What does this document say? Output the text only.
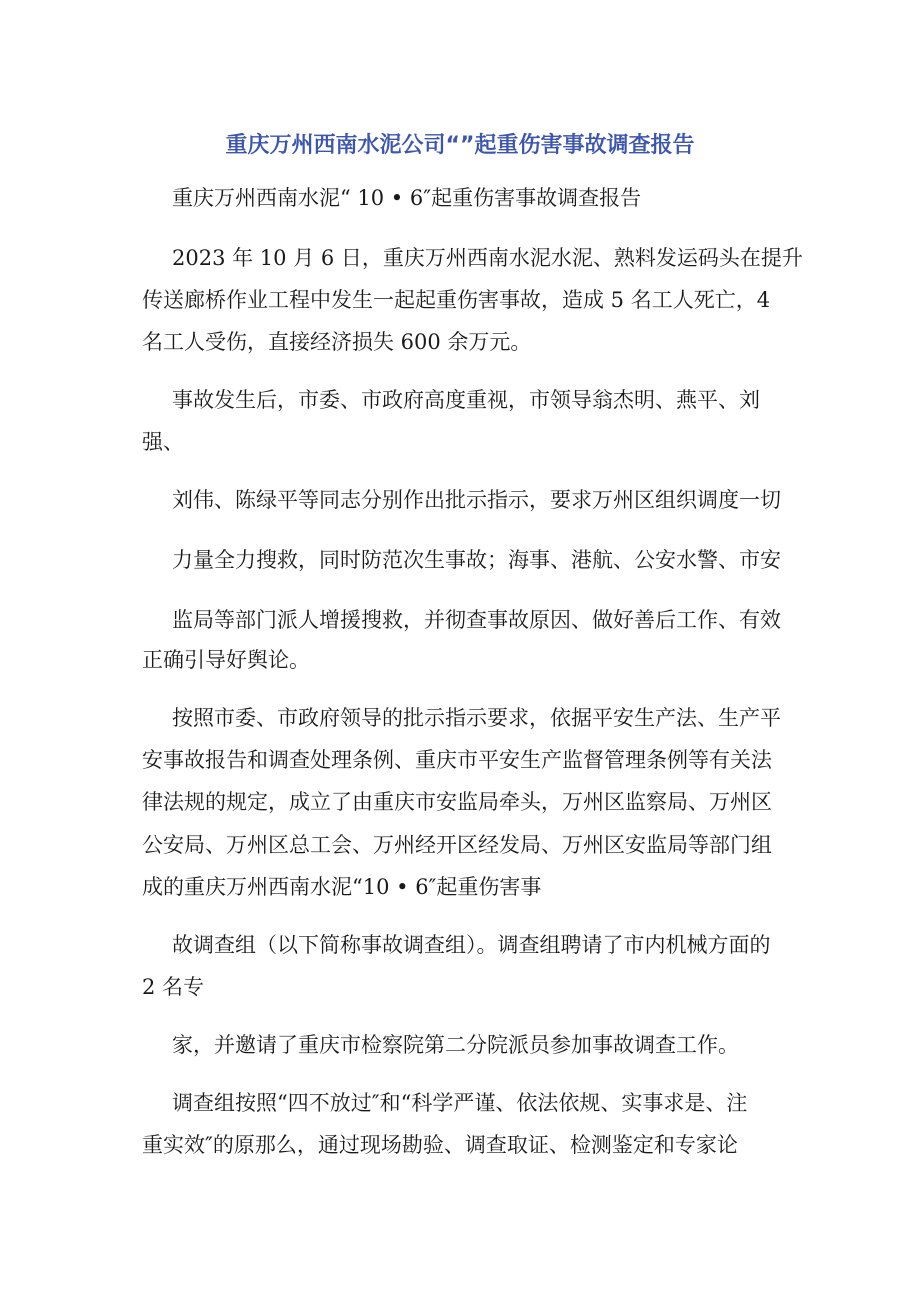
重庆万州西南水泥公司“”起重伤害事故调查报告
重庆万州西南水泥“ 10 • 6″起重伤害事故调查报告
2023 年 10 月 6 日，重庆万州西南水泥水泥、熟料发运码头在提升
传送廊桥作业工程中发生一起起重伤害事故，造成 5 名工人死亡，4
名工人受伤，直接经济损失 600 余万元。
事故发生后，市委、市政府高度重视，市领导翁杰明、燕平、刘
强、
刘伟、陈绿平等同志分别作出批示指示，要求万州区组织调度一切
力量全力搜救，同时防范次生事故；海事、港航、公安水警、市安
监局等部门派人增援搜救，并彻查事故原因、做好善后工作、有效
正确引导好舆论。
按照市委、市政府领导的批示指示要求，依据平安生产法、生产平
安事故报告和调查处理条例、重庆市平安生产监督管理条例等有关法
律法规的规定，成立了由重庆市安监局牵头，万州区监察局、万州区
公安局、万州区总工会、万州经开区经发局、万州区安监局等部门组
成的重庆万州西南水泥“10 • 6″起重伤害事
故调查组（以下简称事故调查组）。调查组聘请了市内机械方面的
2 名专
家，并邀请了重庆市检察院第二分院派员参加事故调查工作。
调查组按照“四不放过″和“科学严谨、依法依规、实事求是、注
重实效″的原那么，通过现场勘验、调查取证、检测鉴定和专家论
